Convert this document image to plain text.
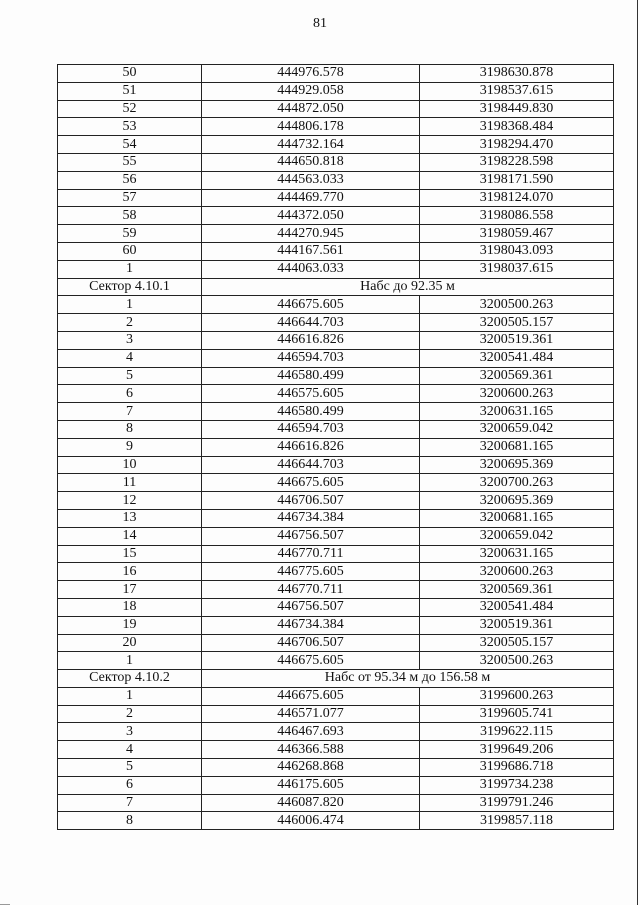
81
50	444976.578	3198630.878
51	444929.058	3198537.615
52	444872.050	3198449.830
53	444806.178	3198368.484
54	444732.164	3198294.470
55	444650.818	3198228.598
56	444563.033	3198171.590
57	444469.770	3198124.070
58	444372.050	3198086.558
59	444270.945	3198059.467
60	444167.561	3198043.093
1	444063.033	3198037.615
Сектор 4.10.1	Набс до 92.35 м	
1	446675.605	3200500.263
2	446644.703	3200505.157
3	446616.826	3200519.361
4	446594.703	3200541.484
5	446580.499	3200569.361
6	446575.605	3200600.263
7	446580.499	3200631.165
8	446594.703	3200659.042
9	446616.826	3200681.165
10	446644.703	3200695.369
11	446675.605	3200700.263
12	446706.507	3200695.369
13	446734.384	3200681.165
14	446756.507	3200659.042
15	446770.711	3200631.165
16	446775.605	3200600.263
17	446770.711	3200569.361
18	446756.507	3200541.484
19	446734.384	3200519.361
20	446706.507	3200505.157
1	446675.605	3200500.263
Сектор 4.10.2	Набс от 95.34 м до 156.58 м	
1	446675.605	3199600.263
2	446571.077	3199605.741
3	446467.693	3199622.115
4	446366.588	3199649.206
5	446268.868	3199686.718
6	446175.605	3199734.238
7	446087.820	3199791.246
8	446006.474	3199857.118
